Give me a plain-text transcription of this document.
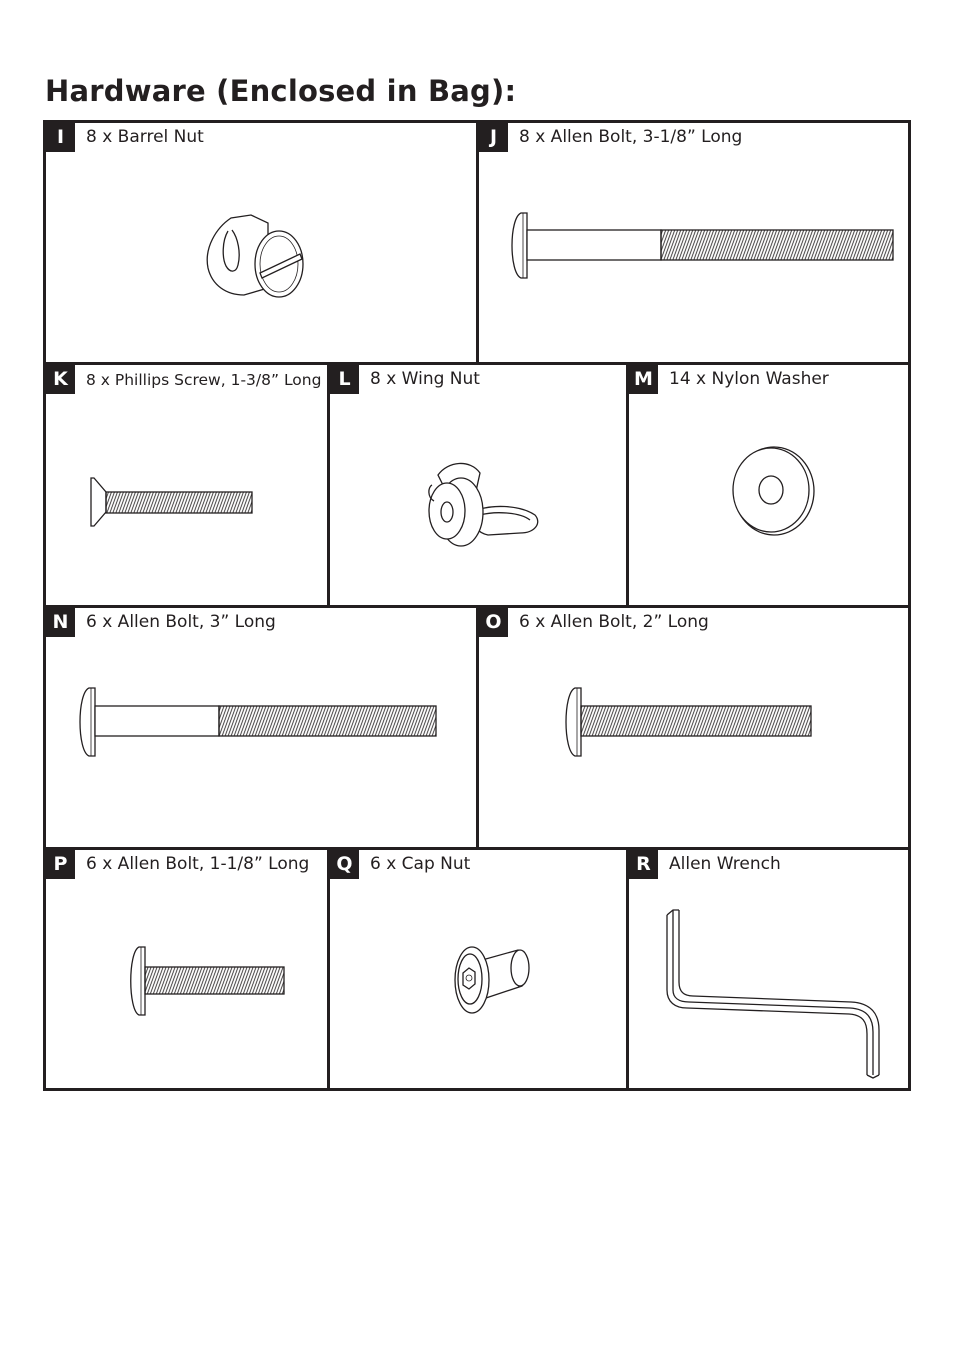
Hardware (Enclosed in Bag):
I	8 x Barrel Nut	J	8 x Allen Bolt, 3-1/8” Long
K	8 x Phillips Screw, 1-3/8” Long L	8 x Wing Nut	M 14 x Nylon Washer
N	6 x Allen Bolt, 3” Long	O	6 x Allen Bolt, 2” Long
P	6 x Allen Bolt, 1-1/8” Long	Q	6 x Cap Nut	R	Allen Wrench
